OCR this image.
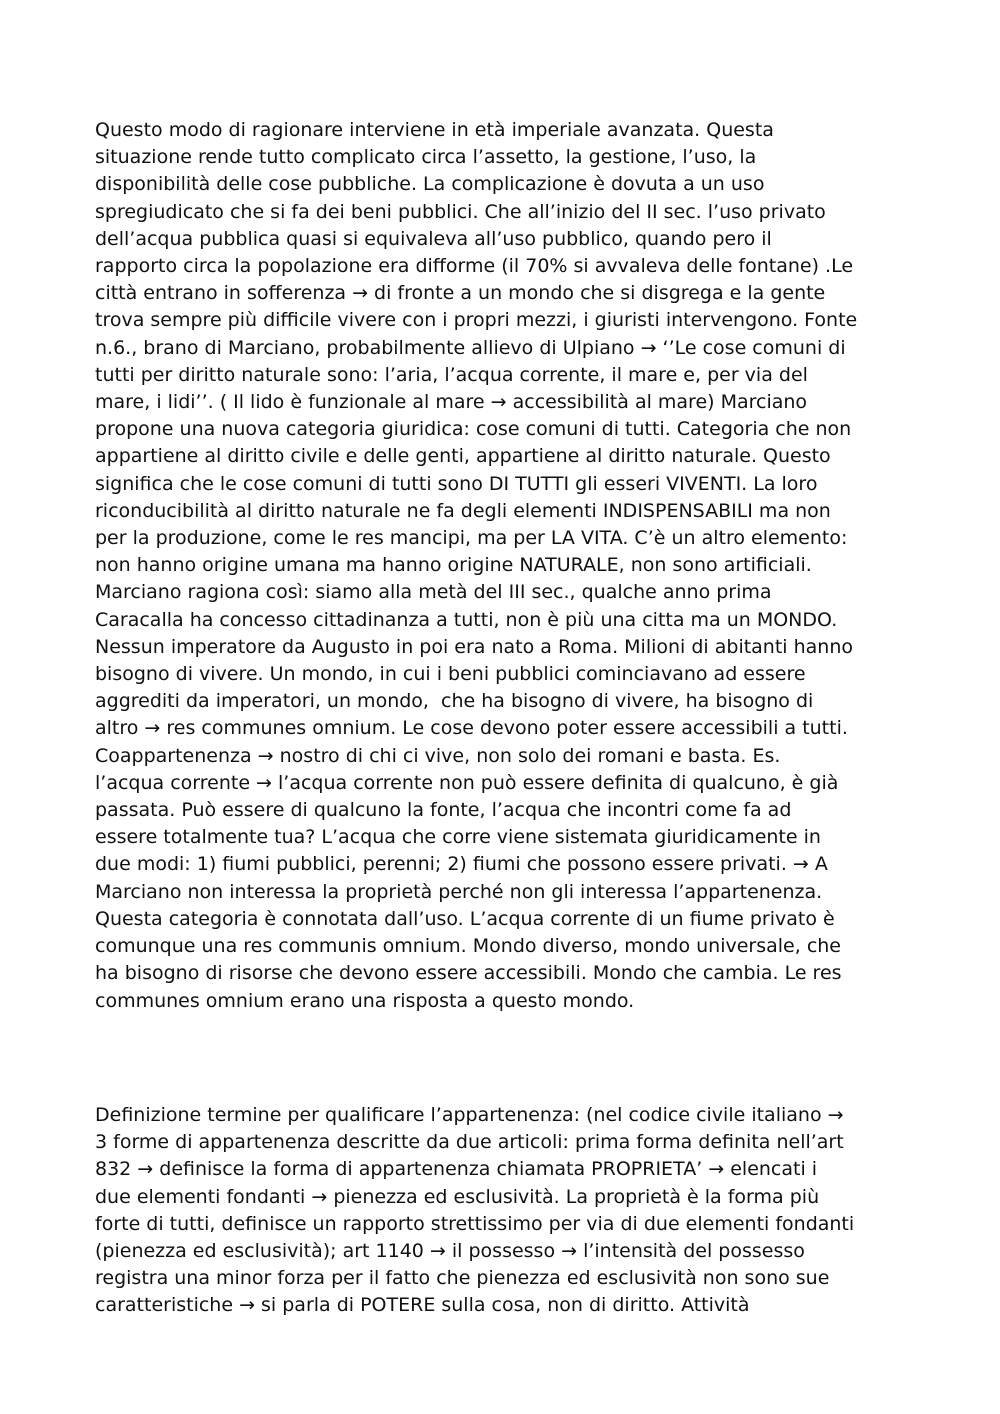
Questo modo di ragionare interviene in età imperiale avanzata. Questa
situazione rende tutto complicato circa l’assetto, la gestione, l’uso, la
disponibilità delle cose pubbliche. La complicazione è dovuta a un uso
spregiudicato che si fa dei beni pubblici. Che all’inizio del II sec. l’uso privato
dell’acqua pubblica quasi si equivaleva all’uso pubblico, quando pero il
rapporto circa la popolazione era difforme (il 70% si avvaleva delle fontane) .Le
città entrano in sofferenza → di fronte a un mondo che si disgrega e la gente
trova sempre più difficile vivere con i propri mezzi, i giuristi intervengono. Fonte
n.6., brano di Marciano, probabilmente allievo di Ulpiano → ‘’Le cose comuni di
tutti per diritto naturale sono: l’aria, l’acqua corrente, il mare e, per via del
mare, i lidi’’. ( Il lido è funzionale al mare → accessibilità al mare) Marciano
propone una nuova categoria giuridica: cose comuni di tutti. Categoria che non
appartiene al diritto civile e delle genti, appartiene al diritto naturale. Questo
significa che le cose comuni di tutti sono DI TUTTI gli esseri VIVENTI. La loro
riconducibilità al diritto naturale ne fa degli elementi INDISPENSABILI ma non
per la produzione, come le res mancipi, ma per LA VITA. C’è un altro elemento:
non hanno origine umana ma hanno origine NATURALE, non sono artificiali.
Marciano ragiona così: siamo alla metà del III sec., qualche anno prima
Caracalla ha concesso cittadinanza a tutti, non è più una citta ma un MONDO.
Nessun imperatore da Augusto in poi era nato a Roma. Milioni di abitanti hanno
bisogno di vivere. Un mondo, in cui i beni pubblici cominciavano ad essere
aggrediti da imperatori, un mondo,  che ha bisogno di vivere, ha bisogno di
altro → res communes omnium. Le cose devono poter essere accessibili a tutti.
Coappartenenza → nostro di chi ci vive, non solo dei romani e basta. Es.
l’acqua corrente → l’acqua corrente non può essere definita di qualcuno, è già
passata. Può essere di qualcuno la fonte, l’acqua che incontri come fa ad
essere totalmente tua? L’acqua che corre viene sistemata giuridicamente in
due modi: 1) fiumi pubblici, perenni; 2) fiumi che possono essere privati. → A
Marciano non interessa la proprietà perché non gli interessa l’appartenenza.
Questa categoria è connotata dall’uso. L’acqua corrente di un fiume privato è
comunque una res communis omnium. Mondo diverso, mondo universale, che
ha bisogno di risorse che devono essere accessibili. Mondo che cambia. Le res
communes omnium erano una risposta a questo mondo.
Definizione termine per qualificare l’appartenenza: (nel codice civile italiano →
3 forme di appartenenza descritte da due articoli: prima forma definita nell’art
832 → definisce la forma di appartenenza chiamata PROPRIETA’ → elencati i
due elementi fondanti → pienezza ed esclusività. La proprietà è la forma più
forte di tutti, definisce un rapporto strettissimo per via di due elementi fondanti
(pienezza ed esclusività); art 1140 → il possesso → l’intensità del possesso
registra una minor forza per il fatto che pienezza ed esclusività non sono sue
caratteristiche → si parla di POTERE sulla cosa, non di diritto. Attività
